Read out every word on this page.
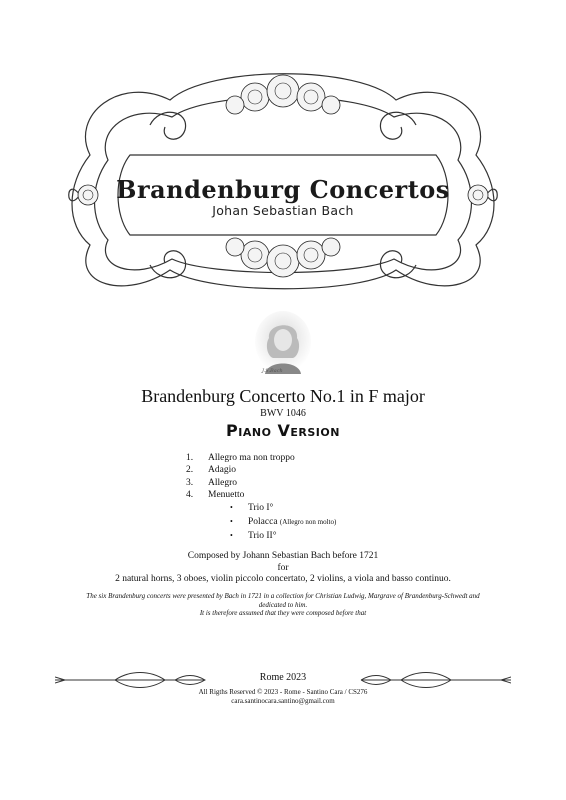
Brandenburg Concertos
Johan Sebastian Bach
J.S.Bach
Brandenburg Concerto No.1 in F major
BWV 1046
Piano Version
1.	Allegro ma non troppo
2.	Adagio
3.	Allegro
4.	Menuetto
•	Trio I°
•	Polacca
(Allegro non molto)
•	Trio II°
Composed by Johann Sebastian Bach before 1721
for
2 natural horns, 3 oboes, violin piccolo concertato, 2 violins, a viola and basso continuo.
The six Brandenburg concerts were presented by Bach in 1721 in a collection for Christian Ludwig, Margrave of Brandenburg-Schwedt and
dedicated to him.
It is therefore assumed that they were composed before that
Rome 2023
All Rigths Reserved © 2023 - Rome - Santino Cara / CS276
cara.santinocara.santino@gmail.com
